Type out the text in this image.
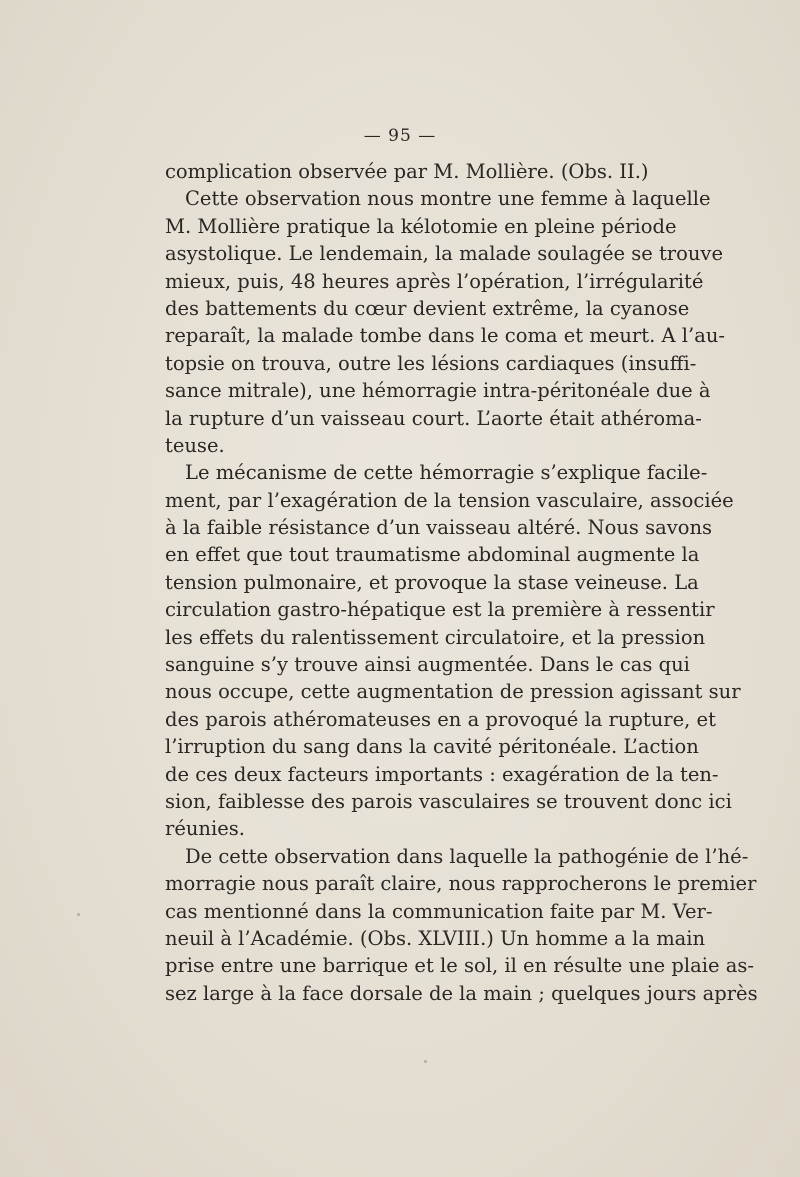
— 95 —
complication observée par M. Mollière. (Obs. II.)
Cette observation nous montre une femme à laquelle
M. Mollière pratique la kélotomie en pleine période
asystolique. Le lendemain, la malade soulagée se trouve
mieux, puis, 48 heures après l’opération, l’irrégularité
des battements du cœur devient extrême, la cyanose
reparaît, la malade tombe dans le coma et meurt. A l’au-
topsie on trouva, outre les lésions cardiaques (insuffi-
sance mitrale), une hémorragie intra-péritonéale due à
la rupture d’un vaisseau court. L’aorte était athéroma-
teuse.
Le mécanisme de cette hémorragie s’explique facile-
ment, par l’exagération de la tension vasculaire, associée
à la faible résistance d’un vaisseau altéré. Nous savons
en effet que tout traumatisme abdominal augmente la
tension pulmonaire, et provoque la stase veineuse. La
circulation gastro-hépatique est la première à ressentir
les effets du ralentissement circulatoire, et la pression
sanguine s’y trouve ainsi augmentée. Dans le cas qui
nous occupe, cette augmentation de pression agissant sur
des parois athéromateuses en a provoqué la rupture, et
l’irruption du sang dans la cavité péritonéale. L’action
de ces deux facteurs importants : exagération de la ten-
sion, faiblesse des parois vasculaires se trouvent donc ici
réunies.
De cette observation dans laquelle la pathogénie de l’hé-
morragie nous paraît claire, nous rapprocherons le premier
cas mentionné dans la communication faite par M. Ver-
neuil à l’Académie. (Obs. XLVIII.) Un homme a la main
prise entre une barrique et le sol, il en résulte une plaie as-
sez large à la face dorsale de la main ; quelques jours après
